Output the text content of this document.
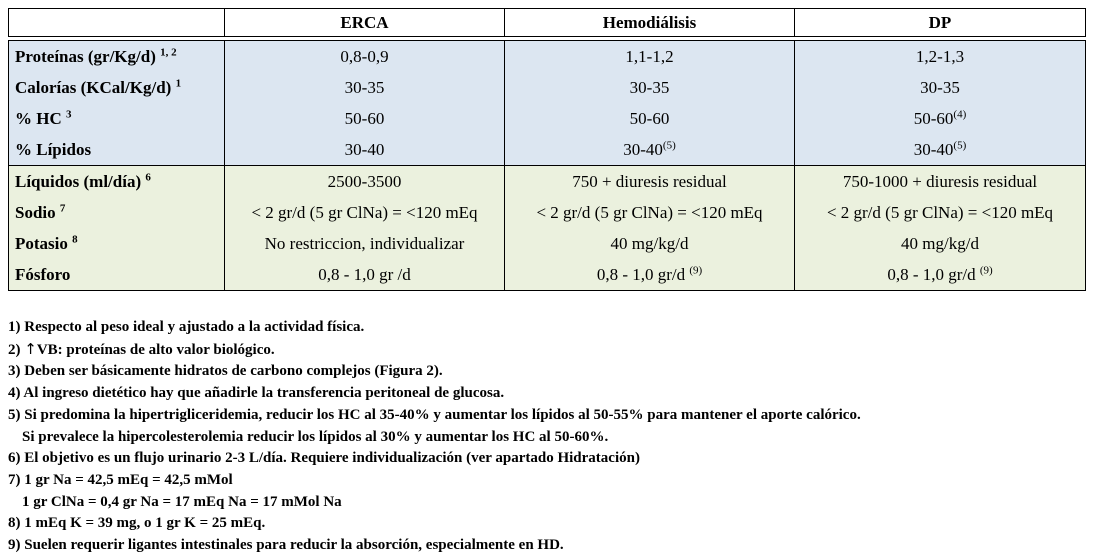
	ERCA	Hemodiálisis	DP

Proteínas (gr/Kg/d) $^{1, 2}$	0,8-0,9	1,1-1,2	1,2-1,3
Calorías (KCal/Kg/d) $^1$	30-35	30-35	30-35
% HC $^3$	50-60	50-60	50-60$^{(4)}$
% Lípidos	30-40	30-40$^{(5)}$	30-40$^{(5)}$
Líquidos (ml/día) $^6$	2500-3500	750 + diuresis residual	750-1000 + diuresis residual
Sodio $^7$	< 2 gr/d (5 gr ClNa) = <120 mEq	< 2 gr/d (5 gr ClNa) = <120 mEq	< 2 gr/d (5 gr ClNa) = <120 mEq
Potasio $^8$	No restriccion, individualizar	40 mg/kg/d	40 mg/kg/d
Fósforo	0,8 - 1,0 gr /d	0,8 - 1,0 gr/d $^{(9)}$	0,8 - 1,0 gr/d $^{(9)}$
1) Respecto al peso ideal y ajustado a la actividad física.
2) ↑VB: proteínas de alto valor biológico.
3) Deben ser básicamente hidratos de carbono complejos (Figura 2).
4) Al ingreso dietético hay que añadirle la transferencia peritoneal de glucosa.
5) Si predomina la hipertrigliceridemia, reducir los HC al 35-40% y aumentar los lípidos al 50-55% para mantener el aporte calórico.
Si prevalece la hipercolesterolemia reducir los lípidos al 30% y aumentar los HC al 50-60%.
6) El objetivo es un flujo urinario 2-3 L/día. Requiere individualización (ver apartado Hidratación)
7) 1 gr Na = 42,5 mEq = 42,5 mMol
1 gr ClNa = 0,4 gr Na = 17 mEq Na = 17 mMol Na
8) 1 mEq K = 39 mg, o 1 gr K = 25 mEq.
9) Suelen requerir ligantes intestinales para reducir la absorción, especialmente en HD.
